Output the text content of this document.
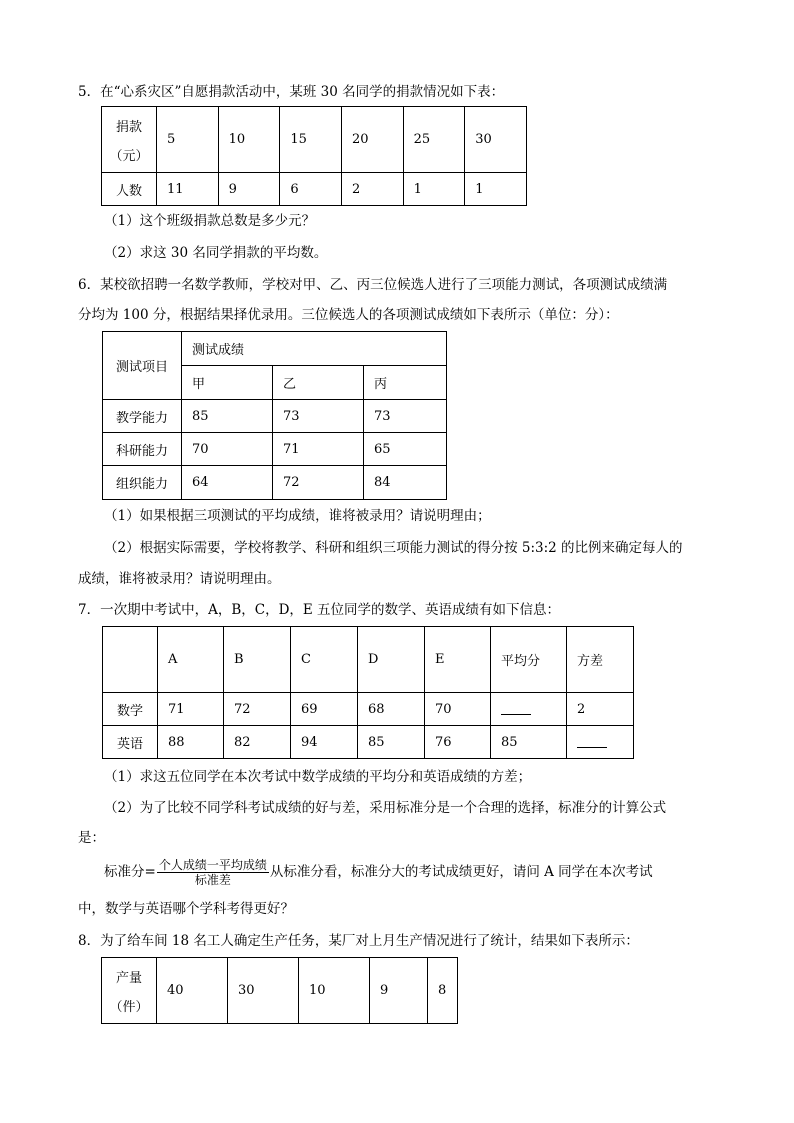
5．在“心系灾区”自愿捐款活动中，某班 30 名同学的捐款情况如下表：
捐款
（元）	5	10	15	20	25	30
人数	11	9	6	2	1	1
（1）这个班级捐款总数是多少元？
（2）求这 30 名同学捐款的平均数。
6．某校欲招聘一名数学教师，学校对甲、乙、丙三位候选人进行了三项能力测试，各项测试成绩满
分均为 100 分，根据结果择优录用。三位候选人的各项测试成绩如下表所示（单位：分）：
测试项目	测试成绩		
	甲	乙	丙
教学能力	85	73	73
科研能力	70	71	65
组织能力	64	72	84
（1）如果根据三项测试的平均成绩，谁将被录用？请说明理由；
（2）根据实际需要，学校将教学、科研和组织三项能力测试的得分按 5:3:2 的比例来确定每人的
成绩，谁将被录用？请说明理由。
7．一次期中考试中，A，B，C，D，E 五位同学的数学、英语成绩有如下信息：
	A	B	C	D	E	平均分	方差
数学	71	72	69	68	70		2
英语	88	82	94	85	76	85	
（1）求这五位同学在本次考试中数学成绩的平均分和英语成绩的方差；
（2）为了比较不同学科考试成绩的好与差，采用标准分是一个合理的选择，标准分的计算公式
是：
标准分= $\frac{\text{个人成绩一平均成绩}}{\text{标准差}}$ 从标准分看，标准分大的考试成绩更好，请问 A 同学在本次考试
中，数学与英语哪个学科考得更好？
8．为了给车间 18 名工人确定生产任务，某厂对上月生产情况进行了统计，结果如下表所示：
产量
（件）
	40	30	10	9	8
